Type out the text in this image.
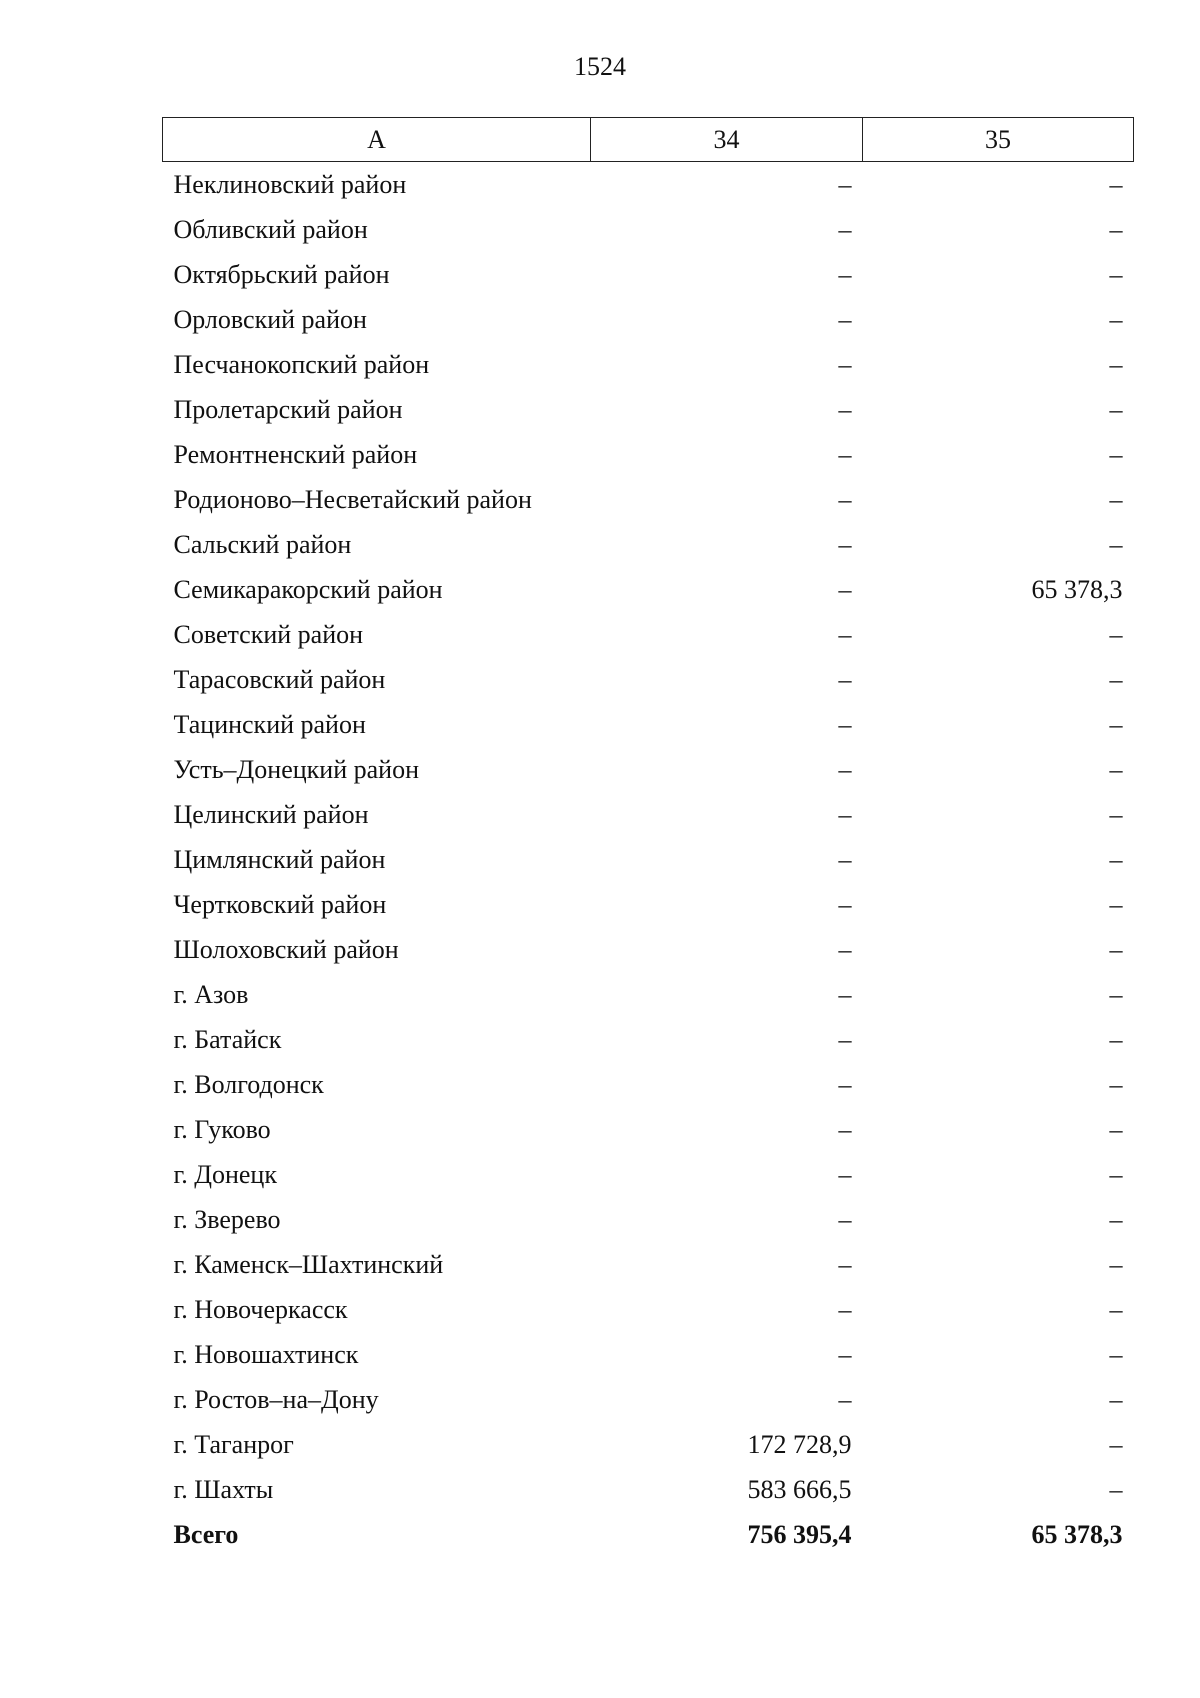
1524
А	34	35
Неклиновский район	–	–
Обливский район	–	–
Октябрьский район	–	–
Орловский район	–	–
Песчанокопский район	–	–
Пролетарский район	–	–
Ремонтненский район	–	–
Родионово–Несветайский район	–	–
Сальский район	–	–
Семикаракорский район	–	65 378,3
Советский район	–	–
Тарасовский район	–	–
Тацинский район	–	–
Усть–Донецкий район	–	–
Целинский район	–	–
Цимлянский район	–	–
Чертковский район	–	–
Шолоховский район	–	–
г. Азов	–	–
г. Батайск	–	–
г. Волгодонск	–	–
г. Гуково	–	–
г. Донецк	–	–
г. Зверево	–	–
г. Каменск–Шахтинский	–	–
г. Новочеркасск	–	–
г. Новошахтинск	–	–
г. Ростов–на–Дону	–	–
г. Таганрог	172 728,9	–
г. Шахты	583 666,5	–
Всего	756 395,4	65 378,3
